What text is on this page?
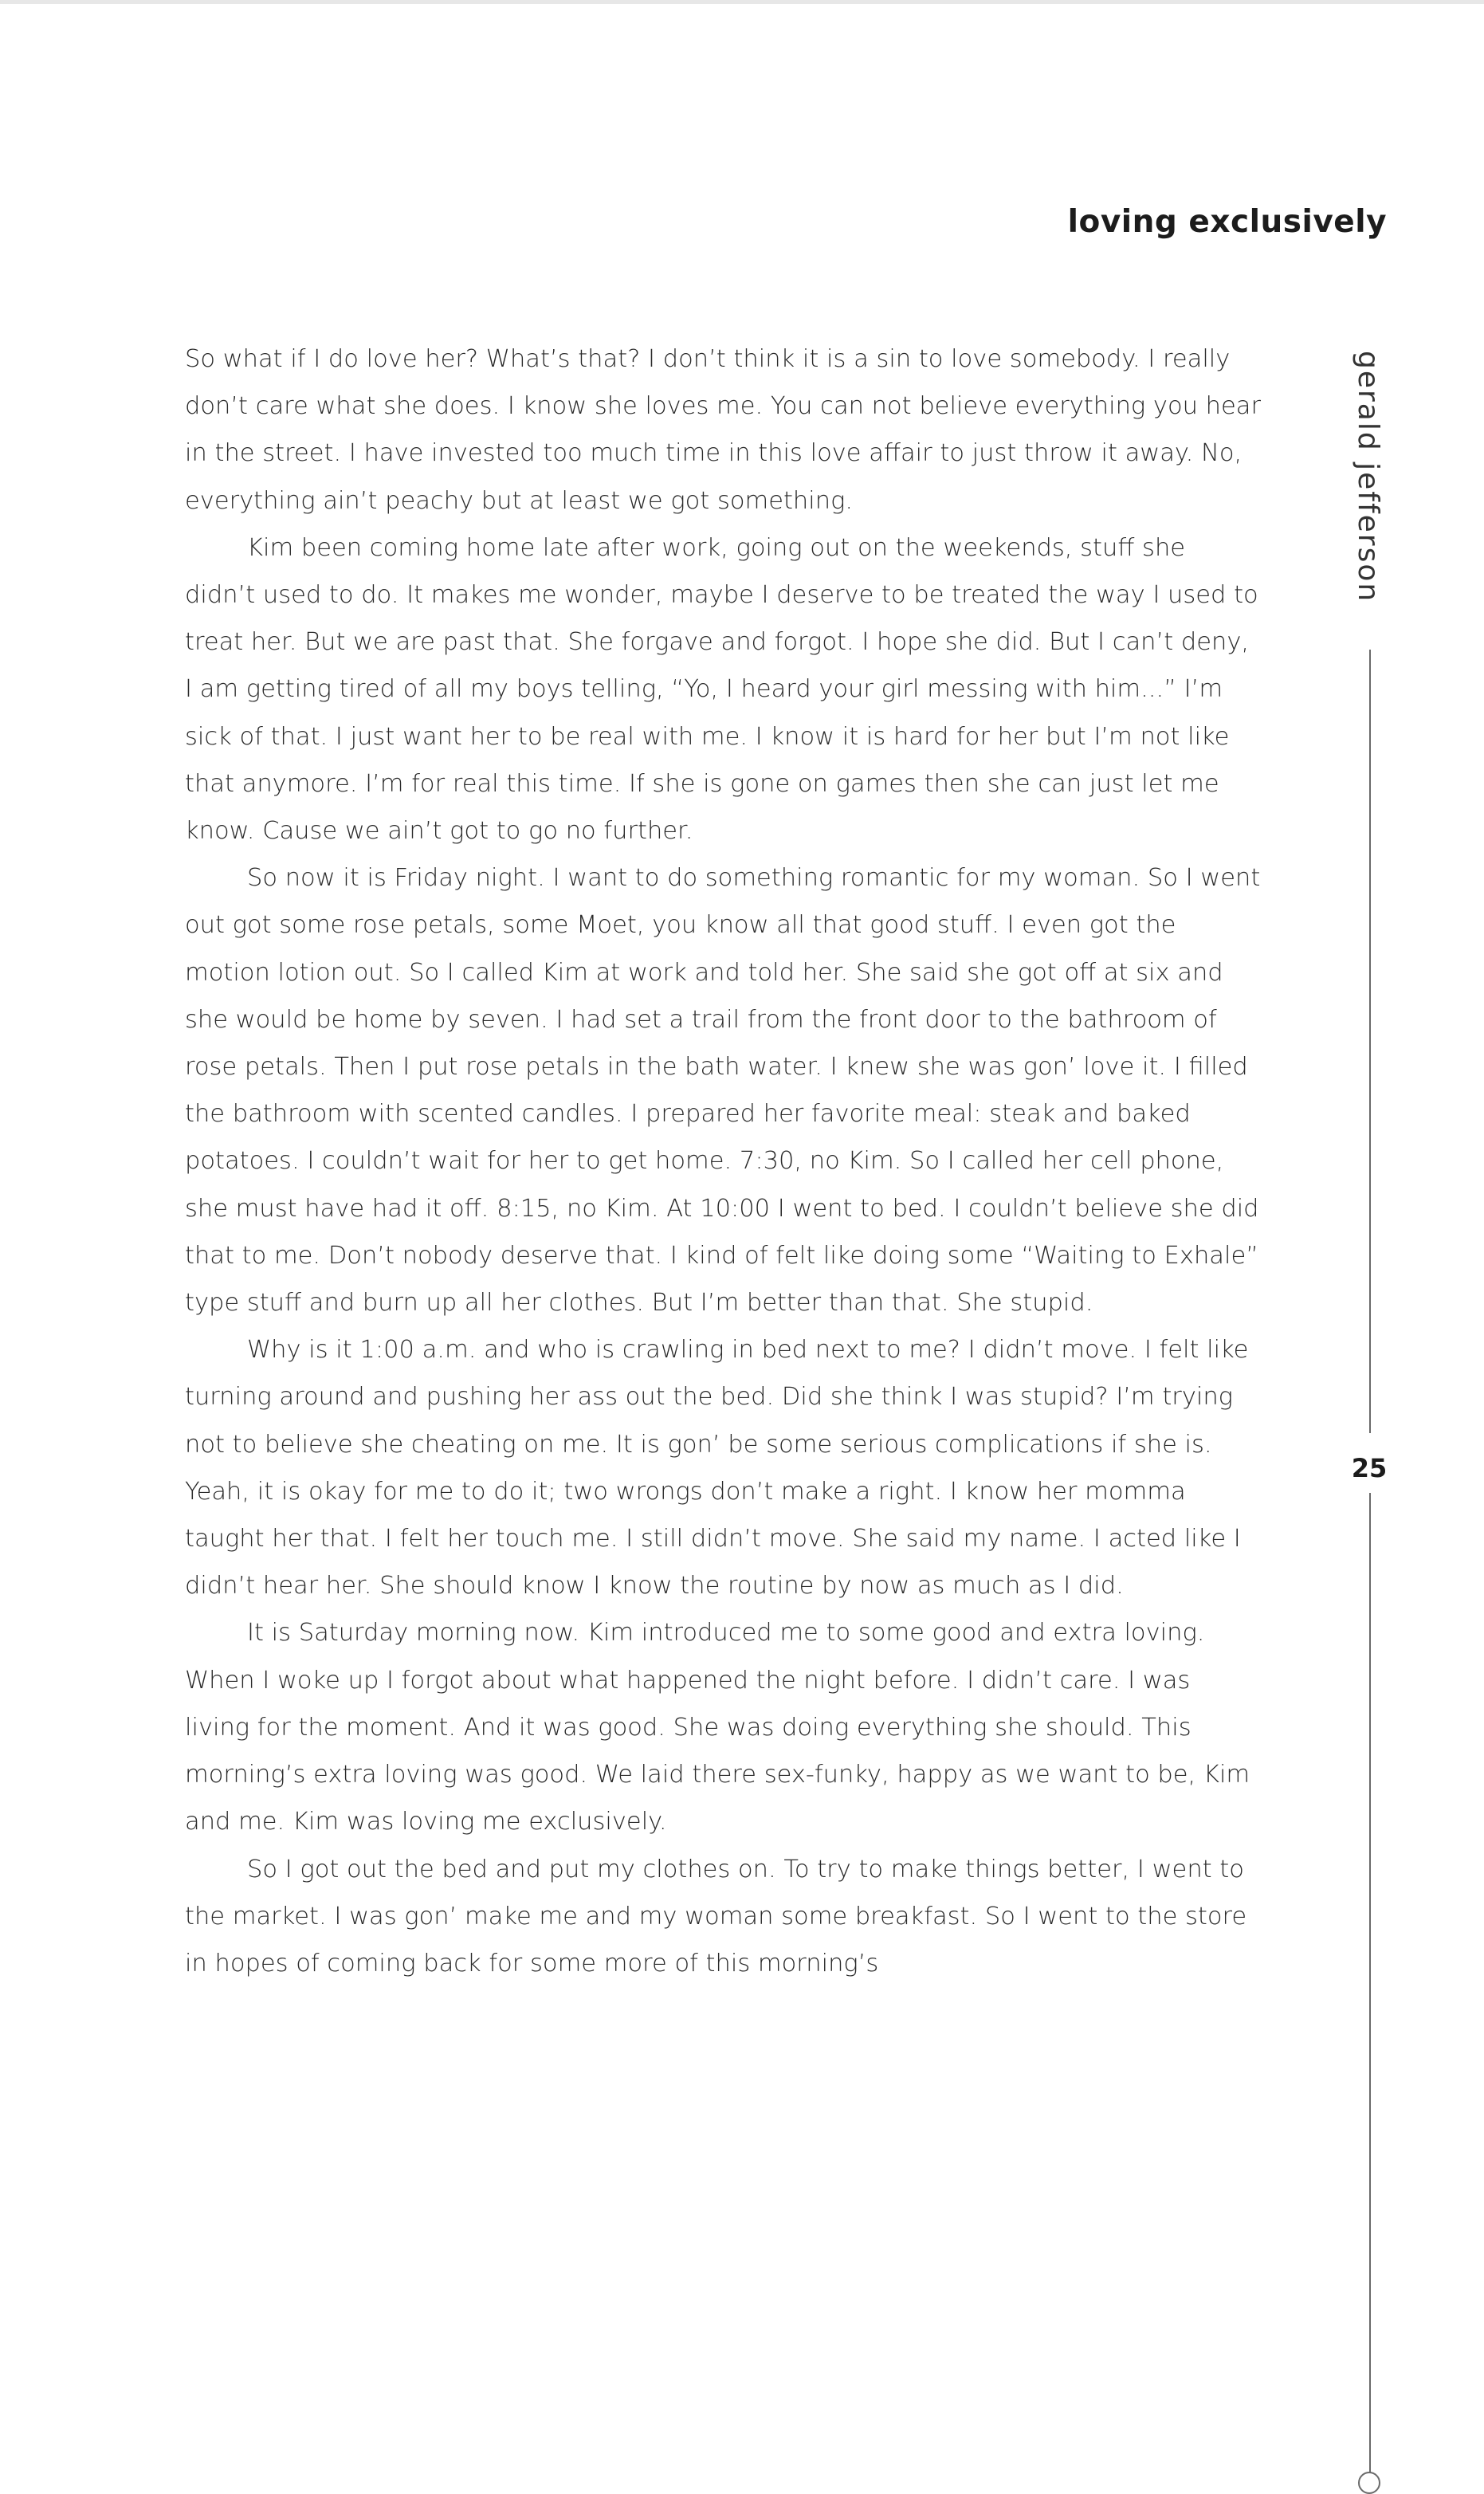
loving exclusively

So what if I do love her? What’s that? I don’t think it is a sin to love somebody. I really don’t care what she does. I know she loves me. You can not believe everything you hear in the street. I have invested too much time in this love affair to just throw it away. No, everything ain’t peachy but at least we got something.

Kim been coming home late after work, going out on the weekends, stuff she didn’t used to do. It makes me wonder, maybe I deserve to be treated the way I used to treat her. But we are past that. She forgave and forgot. I hope she did. But I can’t deny, I am getting tired of all my boys telling, “Yo, I heard your girl messing with him...” I’m sick of that. I just want her to be real with me. I know it is hard for her but I’m not like that anymore. I’m for real this time. If she is gone on games then she can just let me know. Cause we ain’t got to go no further.

So now it is Friday night. I want to do something romantic for my woman. So I went out got some rose petals, some Moet, you know all that good stuff. I even got the motion lotion out. So I called Kim at work and told her. She said she got off at six and she would be home by seven. I had set a trail from the front door to the bathroom of rose petals. Then I put rose petals in the bath water. I knew she was gon’ love it. I filled the bathroom with scented candles. I prepared her favorite meal: steak and baked potatoes. I couldn’t wait for her to get home. 7:30, no Kim. So I called her cell phone, she must have had it off. 8:15, no Kim. At 10:00 I went to bed. I couldn’t believe she did that to me. Don’t nobody deserve that. I kind of felt like doing some “Waiting to Exhale” type stuff and burn up all her clothes. But I’m better than that. She stupid.

Why is it 1:00 a.m. and who is crawling in bed next to me? I didn’t move. I felt like turning around and pushing her ass out the bed. Did she think I was stupid? I’m trying not to believe she cheating on me. It is gon’ be some serious complications if she is. Yeah, it is okay for me to do it; two wrongs don’t make a right. I know her momma taught her that. I felt her touch me. I still didn’t move. She said my name. I acted like I didn’t hear her. She should know I know the routine by now as much as I did.

It is Saturday morning now. Kim introduced me to some good and extra loving. When I woke up I forgot about what happened the night before. I didn’t care. I was living for the moment. And it was good. She was doing everything she should. This morning’s extra loving was good. We laid there sex-funky, happy as we want to be, Kim and me. Kim was loving me exclusively.

So I got out the bed and put my clothes on. To try to make things better, I went to the market. I was gon’ make me and my woman some breakfast. So I went to the store in hopes of coming back for some more of this morning’s

gerald jefferson
25
